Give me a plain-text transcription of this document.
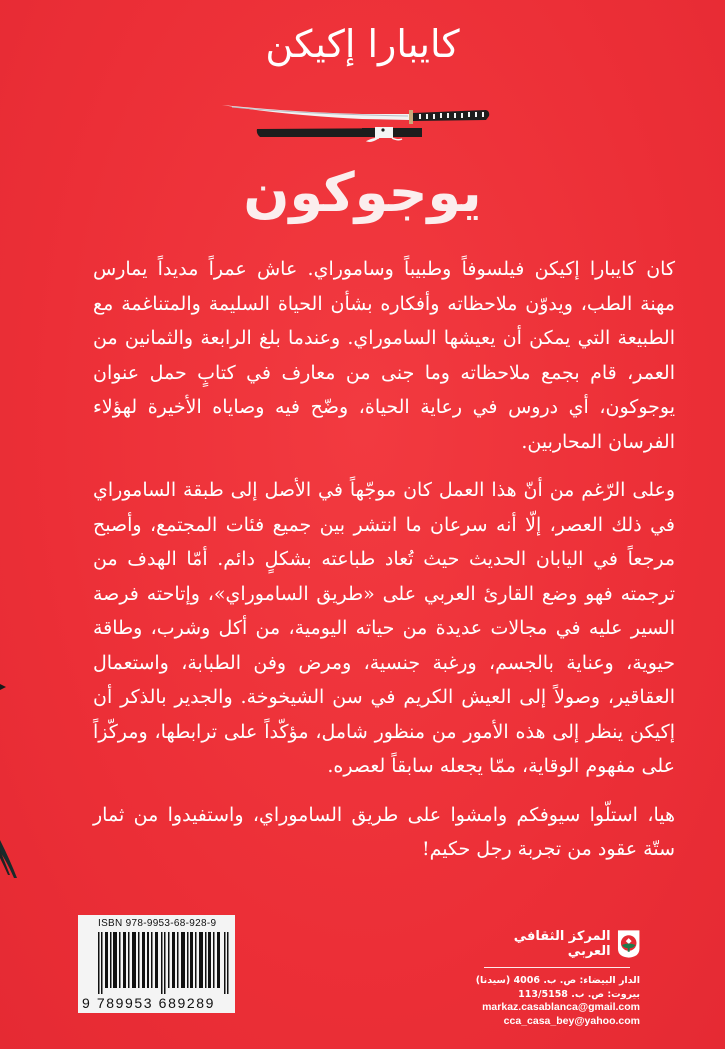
كايبارا إكيكن
يوجوكون

كان كايبارا إكيكن فيلسوفاً وطبيباً وساموراي. عاش عمراً مديداً يمارس مهنة الطب، ويدوّن ملاحظاته وأفكاره بشأن الحياة السليمة والمتناغمة مع الطبيعة التي يمكن أن يعيشها الساموراي. وعندما بلغ الرابعة والثمانين من العمر، قام بجمع ملاحظاته وما جنى من معارف في كتابٍ حمل عنوان يوجوكون، أي دروس في رعاية الحياة، وضّح فيه وصاياه الأخيرة لهؤلاء الفرسان المحاربين.

وعلى الرّغم من أنّ هذا العمل كان موجّهاً في الأصل إلى طبقة الساموراي في ذلك العصر، إلّا أنه سرعان ما انتشر بين جميع فئات المجتمع، وأصبح مرجعاً في اليابان الحديث حيث تُعاد طباعته بشكلٍ دائم. أمّا الهدف من ترجمته فهو وضع القارئ العربي على «طريق الساموراي»، وإتاحته فرصة السير عليه في مجالات عديدة من حياته اليومية، من أكل وشرب، وطاقة حيوية، وعناية بالجسم، ورغبة جنسية، ومرض وفن الطبابة، واستعمال العقاقير، وصولاً إلى العيش الكريم في سن الشيخوخة. والجدير بالذكر أن إكيكن ينظر إلى هذه الأمور من منظور شامل، مؤكّداً على ترابطها، ومركّزاً على مفهوم الوقاية، ممّا يجعله سابقاً لعصره.

هيا، استلّوا سيوفكم وامشوا على طريق الساموراي، واستفيدوا من ثمار ستّة عقود من تجربة رجل حكيم!

ISBN 978-9953-68-928-9
9 789953 689289
المركز الثقافي العربي
الدار البيضاء: ص. ب. 4006 (سيدنا)
بيروت: ص. ب. 113/5158
markaz.casablanca@gmail.com
cca_casa_bey@yahoo.com
